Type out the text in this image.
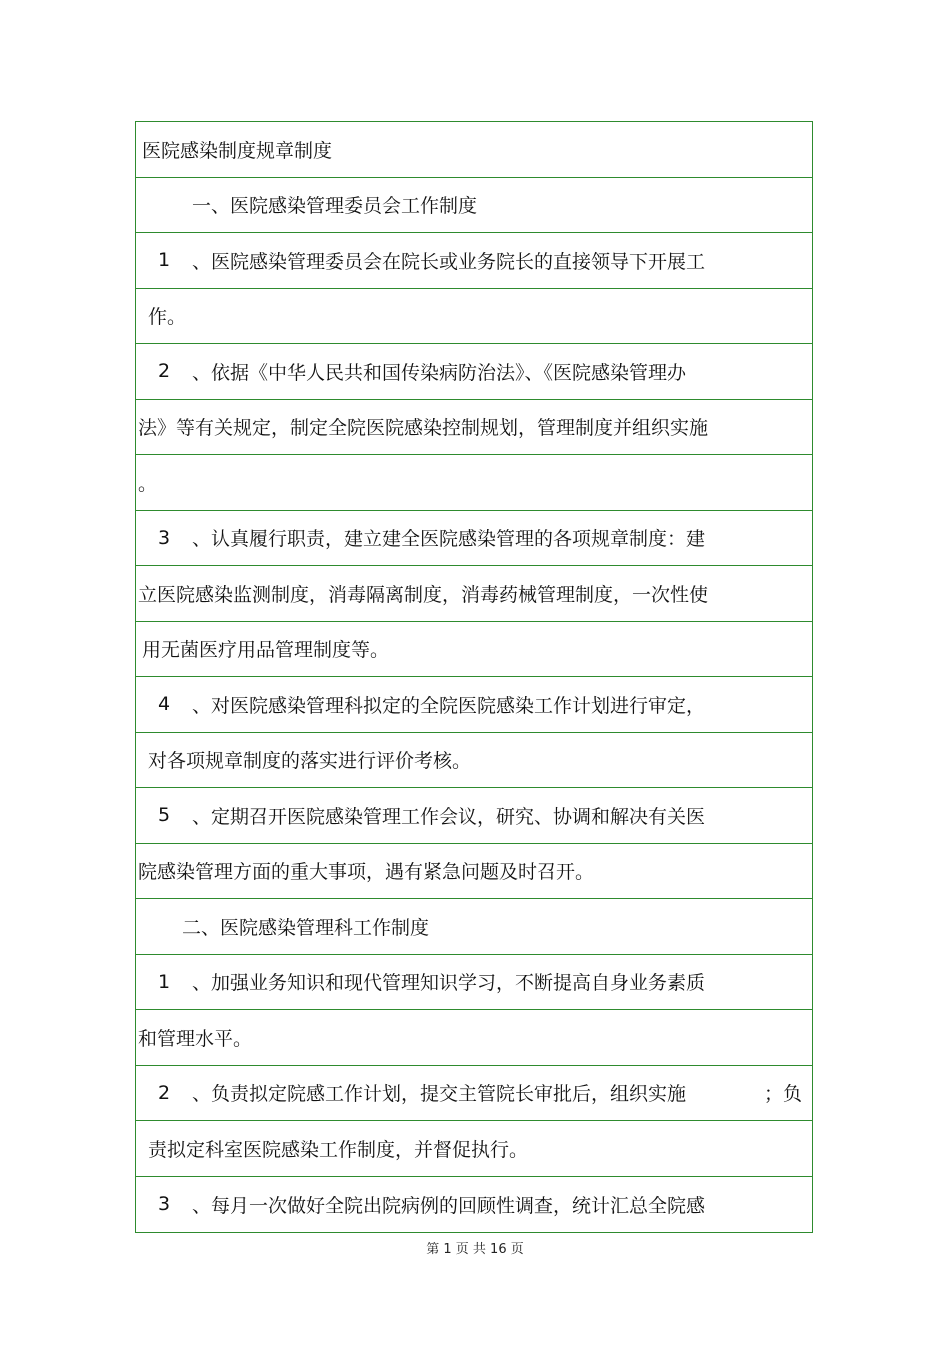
医院感染制度规章制度
一、医院感染管理委员会工作制度
1	、医院感染管理委员会在院长或业务院长的直接领导下开展工
作。
2	、依据《中华人民共和国传染病防治法》、《医院感染管理办
法》等有关规定，制定全院医院感染控制规划，管理制度并组织实施
。
3	、认真履行职责，建立建全医院感染管理的各项规章制度：建
立医院感染监测制度，消毒隔离制度，消毒药械管理制度，一次性使
用无菌医疗用品管理制度等。
4	、对医院感染管理科拟定的全院医院感染工作计划进行审定，
对各项规章制度的落实进行评价考核。
5	、定期召开医院感染管理工作会议，研究、协调和解决有关医
院感染管理方面的重大事项，遇有紧急问题及时召开。
二、医院感染管理科工作制度
1	、加强业务知识和现代管理知识学习，不断提高自身业务素质
和管理水平。
2	、负责拟定院感工作计划，提交主管院长审批后，组织实施	；负
责拟定科室医院感染工作制度，并督促执行。
3	、每月一次做好全院出院病例的回顾性调查，统计汇总全院感
第 1 页 共 16 页
